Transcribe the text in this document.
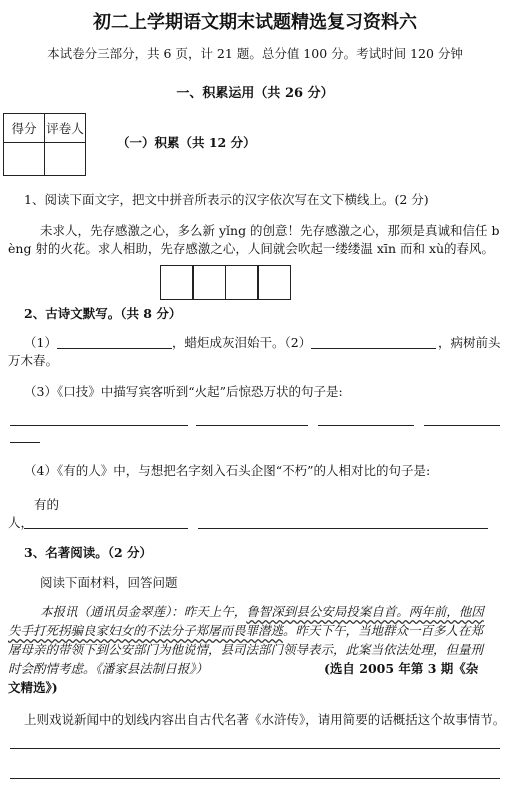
初二上学期语文期末试题精选复习资料六
本试卷分三部分，共 6 页，计 21 题。总分值 100 分。考试时间 120 分钟
一、积累运用（共 26 分）
得分	评卷人

（一）积累（共 12 分）
1、阅读下面文字，把文中拼音所表示的汉字依次写在文下横线上。(2 分)
未求人，先存感激之心，多么新 yǐng 的创意！先存感激之心，那须是真诚和信任 b
èng 射的火花。求人相助，先存感激之心，人间就会吹起一缕缕温 xīn 而和 xù的春风。
2、古诗文默写。（共 8 分）
（1）	，蜡炬成灰泪始干。（2）	，病树前头
万木春。
（3）《口技》中描写宾客听到“火起”后惊恐万状的句子是:
（4）《有的人》中，与想把名字刻入石头企图“不朽”的人相对比的句子是:
有的
人，
3、名著阅读。（2 分）
阅读下面材料，回答问题
本报讯（通讯员金翠莲）：昨天上午，鲁智深到县公安局投案自首。两年前，他因
失手打死拐骗良家妇女的不法分子郑屠而畏罪潜逃。昨天下午，当地群众一百多人在郑
屠母亲的带领下到公安部门为他说情，县司法部门领导表示，此案当依法处理，但量刑
时会酌情考虑。《潘家县法制日报》）	(选自 2005 年第 3 期《杂
文精选》)
上则戏说新闻中的划线内容出自古代名著《水浒传》，请用简要的话概括这个故事情节。
